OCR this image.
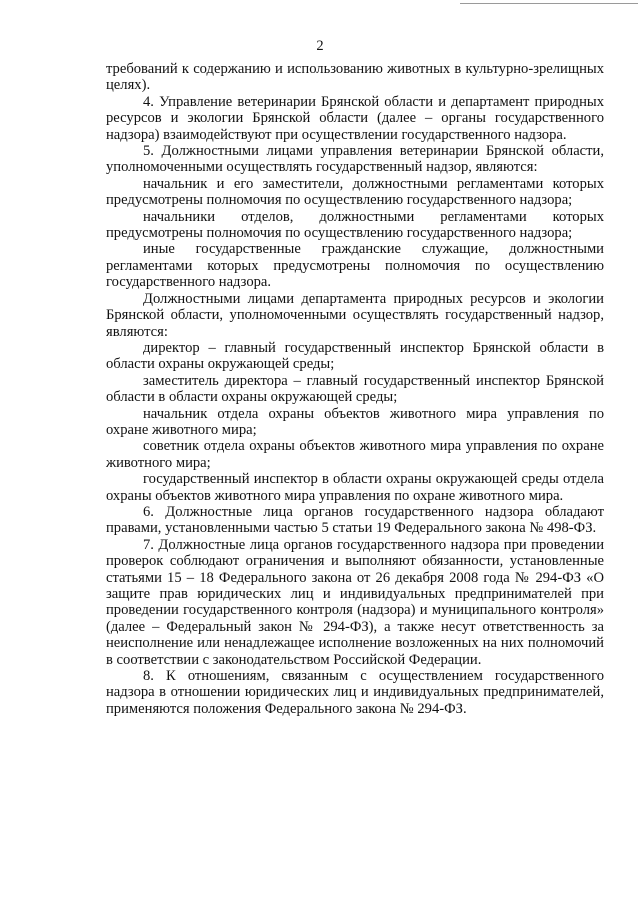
2

требований к содержанию и использованию животных в культурно-зрелищных целях).

4. Управление ветеринарии Брянской области и департамент природных ресурсов и экологии Брянской области (далее – органы государственного надзора) взаимодействуют при осуществлении государственного надзора.

5. Должностными лицами управления ветеринарии Брянской области, уполномоченными осуществлять государственный надзор, являются:

начальник и его заместители, должностными регламентами которых предусмотрены полномочия по осуществлению государственного надзора;

начальники отделов, должностными регламентами которых предусмотрены полномочия по осуществлению государственного надзора;

иные государственные гражданские служащие, должностными регламентами которых предусмотрены полномочия по осуществлению государственного надзора.

Должностными лицами департамента природных ресурсов и экологии Брянской области, уполномоченными осуществлять государственный надзор, являются:

директор – главный государственный инспектор Брянской области в области охраны окружающей среды;

заместитель директора – главный государственный инспектор Брянской области в области охраны окружающей среды;

начальник отдела охраны объектов животного мира управления по охране животного мира;

советник отдела охраны объектов животного мира управления по охране животного мира;

государственный инспектор в области охраны окружающей среды отдела охраны объектов животного мира управления по охране животного мира.

6. Должностные лица органов государственного надзора обладают правами, установленными частью 5 статьи 19 Федерального закона № 498-ФЗ.

7. Должностные лица органов государственного надзора при проведении проверок соблюдают ограничения и выполняют обязанности, установленные статьями 15 – 18 Федерального закона от 26 декабря 2008 года № 294-ФЗ «О защите прав юридических лиц и индивидуальных предпринимателей при проведении государственного контроля (надзора) и муниципального контроля» (далее – Федеральный закон № 294-ФЗ), а также несут ответственность за неисполнение или ненадлежащее исполнение возложенных на них полномочий в соответствии с законодательством Российской Федерации.

8. К отношениям, связанным с осуществлением государственного надзора в отношении юридических лиц и индивидуальных предпринимателей, применяются положения Федерального закона № 294-ФЗ.
